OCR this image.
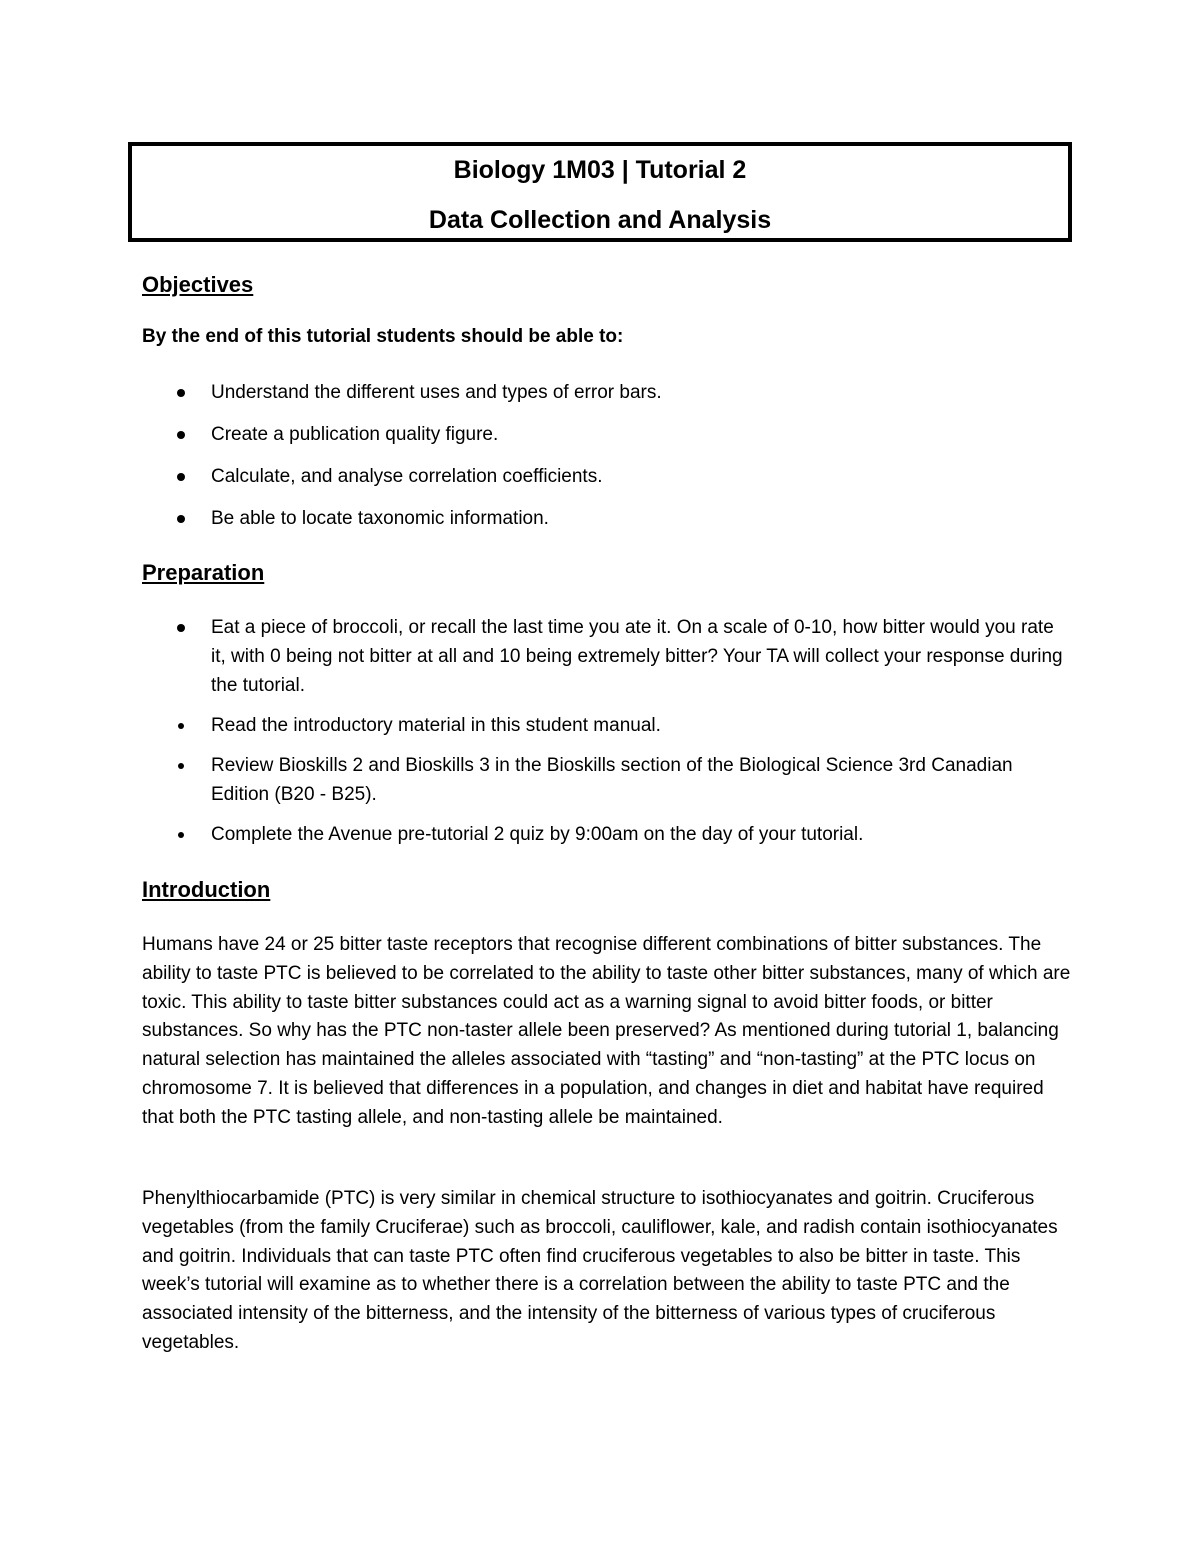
Biology 1M03 | Tutorial 2
Data Collection and Analysis
Objectives
By the end of this tutorial students should be able to:
Understand the different uses and types of error bars.
Create a publication quality figure.
Calculate, and analyse correlation coefficients.
Be able to locate taxonomic information.
Preparation
Eat a piece of broccoli, or recall the last time you ate it. On a scale of 0-10, how bitter would you rate it, with 0 being not bitter at all and 10 being extremely bitter? Your TA will collect your response during the tutorial.
Read the introductory material in this student manual.
Review Bioskills 2 and Bioskills 3 in the Bioskills section of the Biological Science 3rd Canadian Edition (B20 - B25).
Complete the Avenue pre-tutorial 2 quiz by 9:00am on the day of your tutorial.
Introduction

Humans have 24 or 25 bitter taste receptors that recognise different combinations of bitter substances. The ability to taste PTC is believed to be correlated to the ability to taste other bitter substances, many of which are toxic. This ability to taste bitter substances could act as a warning signal to avoid bitter foods, or bitter substances. So why has the PTC non-taster allele been preserved? As mentioned during tutorial 1, balancing natural selection has maintained the alleles associated with “tasting” and “non-tasting” at the PTC locus on chromosome 7. It is believed that differences in a population, and changes in diet and habitat have required that both the PTC tasting allele, and non-tasting allele be maintained.

Phenylthiocarbamide (PTC) is very similar in chemical structure to isothiocyanates and goitrin. Cruciferous vegetables (from the family Cruciferae) such as broccoli, cauliflower, kale, and radish contain isothiocyanates and goitrin. Individuals that can taste PTC often find cruciferous vegetables to also be bitter in taste. This week’s tutorial will examine as to whether there is a correlation between the ability to taste PTC and the associated intensity of the bitterness, and the intensity of the bitterness of various types of cruciferous vegetables.
